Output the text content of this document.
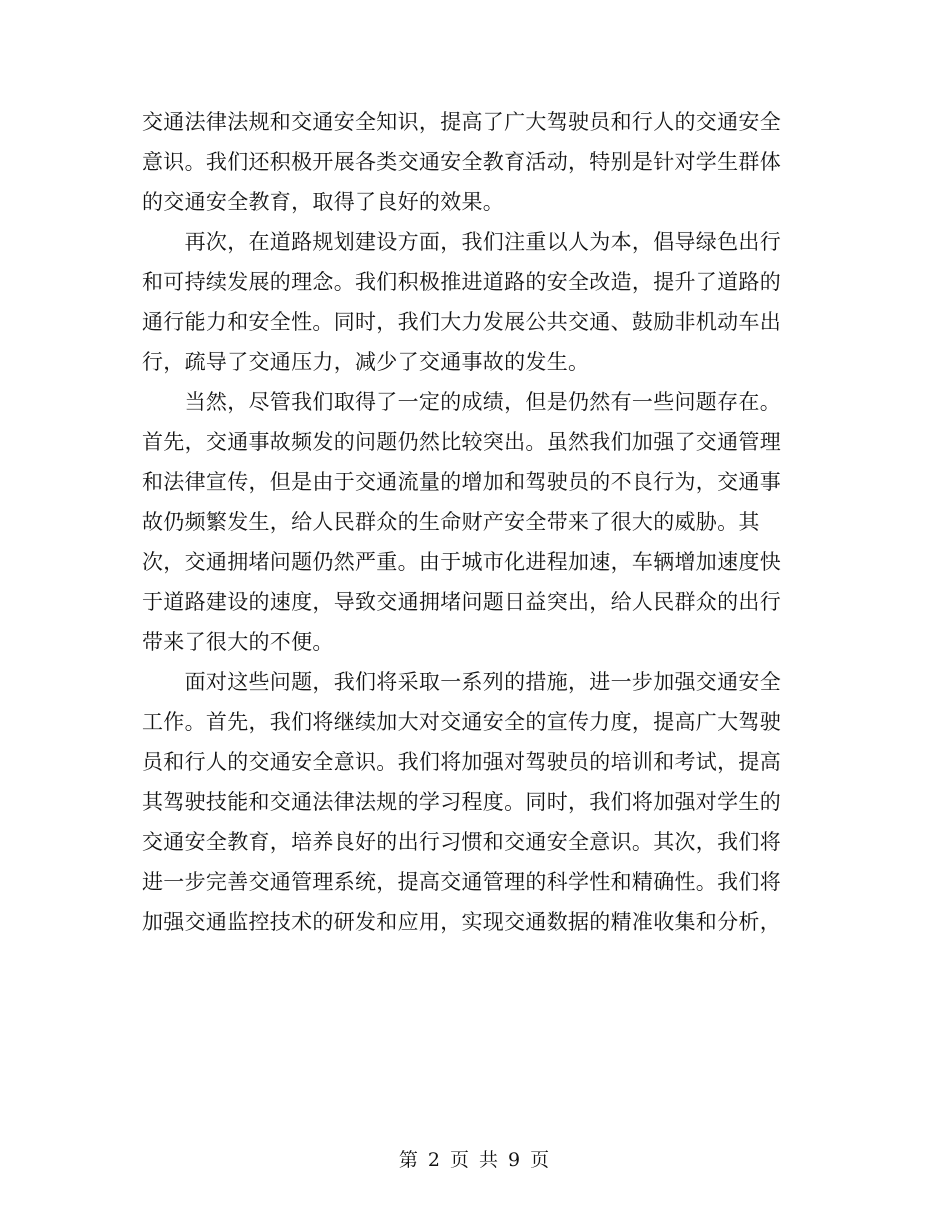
交通法律法规和交通安全知识，提高了广大驾驶员和行人的交通安全
意识。我们还积极开展各类交通安全教育活动，特别是针对学生群体
的交通安全教育，取得了良好的效果。
　　再次，在道路规划建设方面，我们注重以人为本，倡导绿色出行
和可持续发展的理念。我们积极推进道路的安全改造，提升了道路的
通行能力和安全性。同时，我们大力发展公共交通、鼓励非机动车出
行，疏导了交通压力，减少了交通事故的发生。
　　当然，尽管我们取得了一定的成绩，但是仍然有一些问题存在。
首先，交通事故频发的问题仍然比较突出。虽然我们加强了交通管理
和法律宣传，但是由于交通流量的增加和驾驶员的不良行为，交通事
故仍频繁发生，给人民群众的生命财产安全带来了很大的威胁。其
次，交通拥堵问题仍然严重。由于城市化进程加速，车辆增加速度快
于道路建设的速度，导致交通拥堵问题日益突出，给人民群众的出行
带来了很大的不便。
　　面对这些问题，我们将采取一系列的措施，进一步加强交通安全
工作。首先，我们将继续加大对交通安全的宣传力度，提高广大驾驶
员和行人的交通安全意识。我们将加强对驾驶员的培训和考试，提高
其驾驶技能和交通法律法规的学习程度。同时，我们将加强对学生的
交通安全教育，培养良好的出行习惯和交通安全意识。其次，我们将
进一步完善交通管理系统，提高交通管理的科学性和精确性。我们将
加强交通监控技术的研发和应用，实现交通数据的精准收集和分析，
第 2 页 共 9 页
